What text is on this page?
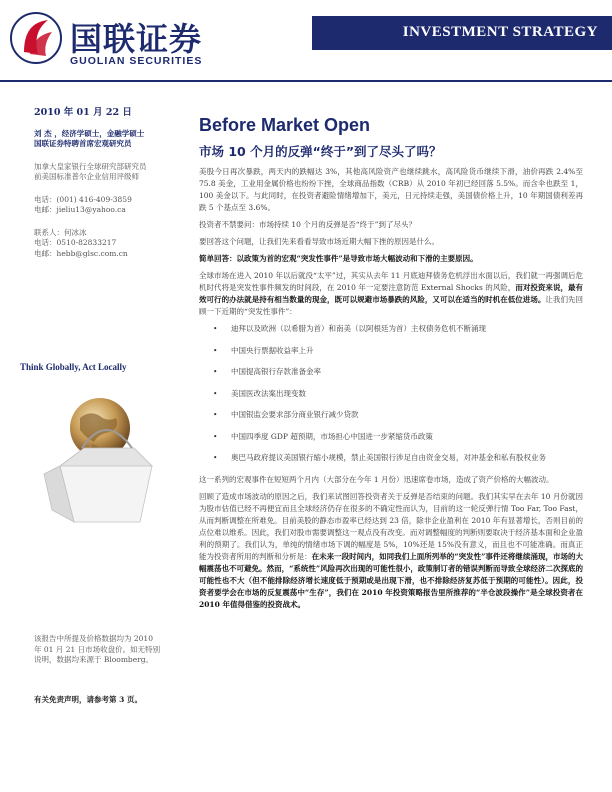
国联证券
GUOLIAN SECURITIES
INVESTMENT STRATEGY
2010 年 01 月 22 日
刘 杰 ，经济学硕士，金融学硕士
国联证券特聘首席宏观研究员
加拿大皇家银行全球研究部研究员
前美国标准普尔企业信用评级师
电话：(001) 416-409-3859
电邮：jieliu13@yahoo.ca
联系人：何冰冰
电话：0510-82833217
电邮：hebb@glsc.com.cn
Think Globally, Act Locally
该报告中所提及价格数据均为 2010
年 01 月 21 日市场收盘价。如无特别
说明，数据均来源于 Bloomberg。
有关免责声明，请参考第 3 页。
Before Market Open
市场 10 个月的反弹“终于”到了尽头了吗？

美股今日再次暴跌，两天内的跌幅达 3%，其他高风险资产也继续跳水，高风险货币继续下滑，油价再跌 2.4%至 75.8 美金，工业用金属价格也纷纷下挫，全球商品指数（CRB）从 2010 年初已经回落 5.5%。而含伞也跌至 1，100 美金以下。与此同时，在投资者避险情绪增加下，美元，日元持续走强，美国债价格上升，10 年期国债利差再跌 5 个基点至 3.6%。

投资者不禁要问：市场持续 10 个月的反弹是否“终于”到了尽头？

要回答这个问题，让我们先来看看导致市场近期大幅下挫的原因是什么。

简单回答：以政策为首的宏观“突发性事件”是导致市场大幅波动和下滑的主要原因。

全球市场在进入 2010 年以后就没“太平”过，其实从去年 11 月底迪拜债务危机浮出水面以后，我们就一再强调后危机时代将是突发性事件频发的时间段，在 2010 年一定要注意防范 External Shocks 的风险，而对投资来说，最有效可行的办法就是持有相当数量的现金，既可以规避市场暴跌的风险，又可以在适当的时机在低位进场。让我们先回顾一下近期的“突发性事件”：

• 迪拜以及欧洲（以希腊为首）和南美（以阿根廷为首）主权债务危机不断涌现
• 中国央行票据收益率上升
• 中国提高银行存款准备金率
• 美国医改法案出现变数
• 中国银监会要求部分商业银行减少贷款
• 中国四季度 GDP 超预期，市场担心中国进一步紧缩货币政策
• 奥巴马政府提议美国银行缩小规模，禁止美国银行涉足自由资金交易，对冲基金和私有股权业务

这一系列的宏观事件在短短两个月内（大部分在今年 1 月份）迅速席卷市场，造成了资产价格的大幅波动。

回顾了造成市场波动的原因之后，我们来试图回答投资者关于反弹是否结束的问题。我们其实早在去年 10 月份就因为股市估值已经不再便宜而且全球经济仍存在很多的不确定性而认为，目前的这一轮反弹行情 Too Far, Too Fast，从而判断调整在所难免。目前美股的静态市盈率已经达到 23 倍，除非企业盈利在 2010 年有显著增长，否则目前的点位难以维系。因此，我们对股市需要调整这一观点没有改变。而对调整幅度的判断则要取决于经济基本面和企业盈利的预期了。我们认为，单纯的情绪市场下调的幅度是 5%，10%还是 15%没有意义，而且也不可能准确。而真正能为投资者所用的判断和分析是：在未来一段时间内，如同我们上面所列举的“突发性”事件还将继续涌现，市场的大幅震荡也不可避免。然而，“系统性”风险再次出现的可能性很小，政策制订者的错误判断而导致全球经济二次探底的可能性也不大（但不能排除经济增长速度低于预期或是出现下滑，也不排除经济复苏低于预期的可能性）。因此，投资者要学会在市场的反复震荡中“生存”，我们在 2010 年投资策略报告里所推荐的“半仓波段操作”是全球投资者在 2010 年值得借鉴的投资战术。
